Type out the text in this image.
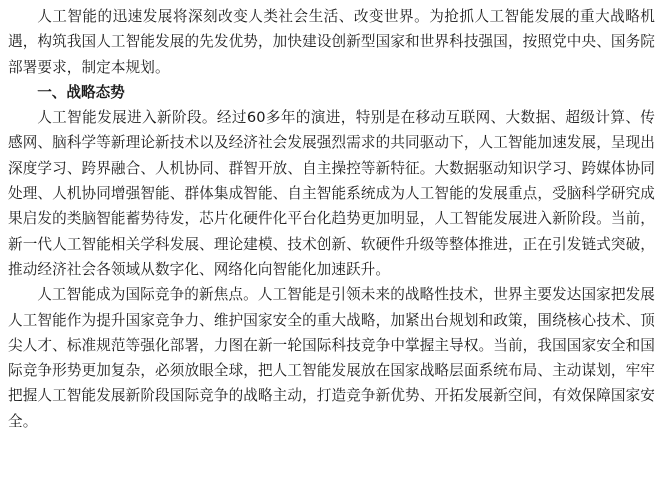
人工智能的迅速发展将深刻改变人类社会生活、改变世界。为抢抓人工智能发展的重大战略机遇，构筑我国人工智能发展的先发优势，加快建设创新型国家和世界科技强国，按照党中央、国务院部署要求，制定本规划。

一、战略态势

人工智能发展进入新阶段。经过60多年的演进，特别是在移动互联网、大数据、超级计算、传感网、脑科学等新理论新技术以及经济社会发展强烈需求的共同驱动下，人工智能加速发展，呈现出深度学习、跨界融合、人机协同、群智开放、自主操控等新特征。大数据驱动知识学习、跨媒体协同处理、人机协同增强智能、群体集成智能、自主智能系统成为人工智能的发展重点，受脑科学研究成果启发的类脑智能蓄势待发，芯片化硬件化平台化趋势更加明显，人工智能发展进入新阶段。当前，新一代人工智能相关学科发展、理论建模、技术创新、软硬件升级等整体推进，正在引发链式突破，推动经济社会各领域从数字化、网络化向智能化加速跃升。

人工智能成为国际竞争的新焦点。人工智能是引领未来的战略性技术，世界主要发达国家把发展人工智能作为提升国家竞争力、维护国家安全的重大战略，加紧出台规划和政策，围绕核心技术、顶尖人才、标准规范等强化部署，力图在新一轮国际科技竞争中掌握主导权。当前，我国国家安全和国际竞争形势更加复杂，必须放眼全球，把人工智能发展放在国家战略层面系统布局、主动谋划，牢牢把握人工智能发展新阶段国际竞争的战略主动，打造竞争新优势、开拓发展新空间，有效保障国家安全。
